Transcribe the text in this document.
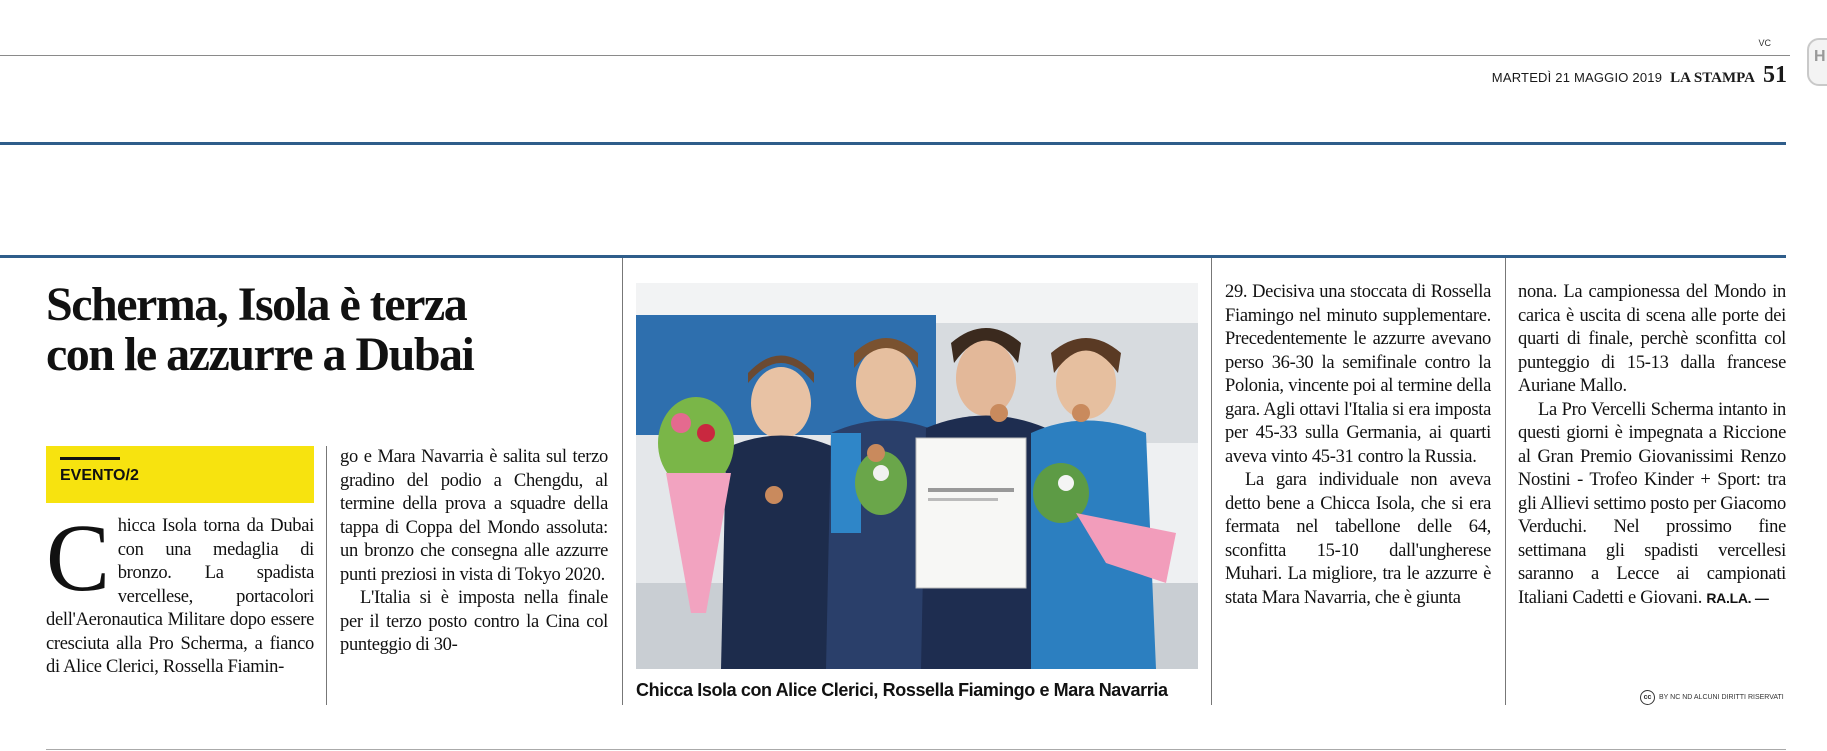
VC
MARTEDÌ 21 MAGGIO 2019 LA STAMPA 51
H
Scherma, Isola è terza
con le azzurre a Dubai
EVENTO/2

C hicca Isola torna da Dubai con una medaglia di bronzo. La spadista vercellese, portacolori dell'Aeronautica Militare dopo essere cresciuta alla Pro Scherma, a fianco di Alice Clerici, Rossella Fiamin-

go e Mara Navarria è salita sul terzo gradino del podio a Chengdu, al termine della prova a squadre della tappa di Coppa del Mondo assoluta: un bronzo che consegna alle azzurre punti preziosi in vista di Tokyo 2020.

L'Italia si è imposta nella finale per il terzo posto contro la Cina col punteggio di 30-

Chicca Isola con Alice Clerici, Rossella Fiamingo e Mara Navarria

29. Decisiva una stoccata di Rossella Fiamingo nel minuto supplementare. Precedentemente le azzurre avevano perso 36-30 la semifinale contro la Polonia, vincente poi al termine della gara. Agli ottavi l'Italia si era imposta per 45-33 sulla Germania, ai quarti aveva vinto 45-31 contro la Russia.

La gara individuale non aveva detto bene a Chicca Isola, che si era fermata nel tabellone delle 64, sconfitta 15-10 dall'ungherese Muhari. La migliore, tra le azzurre è stata Mara Navarria, che è giunta

nona. La campionessa del Mondo in carica è uscita di scena alle porte dei quarti di finale, perchè sconfitta col punteggio di 15-13 dalla francese Auriane Mallo.

La Pro Vercelli Scherma intanto in questi giorni è impegnata a Riccione al Gran Premio Giovanissimi Renzo Nostini - Trofeo Kinder + Sport: tra gli Allievi settimo posto per Giacomo Verduchi. Nel prossimo fine settimana gli spadisti vercellesi saranno a Lecce ai campionati Italiani Cadetti e Giovani. RA.LA. —

cc	BY NC ND ALCUNI DIRITTI RISERVATI
